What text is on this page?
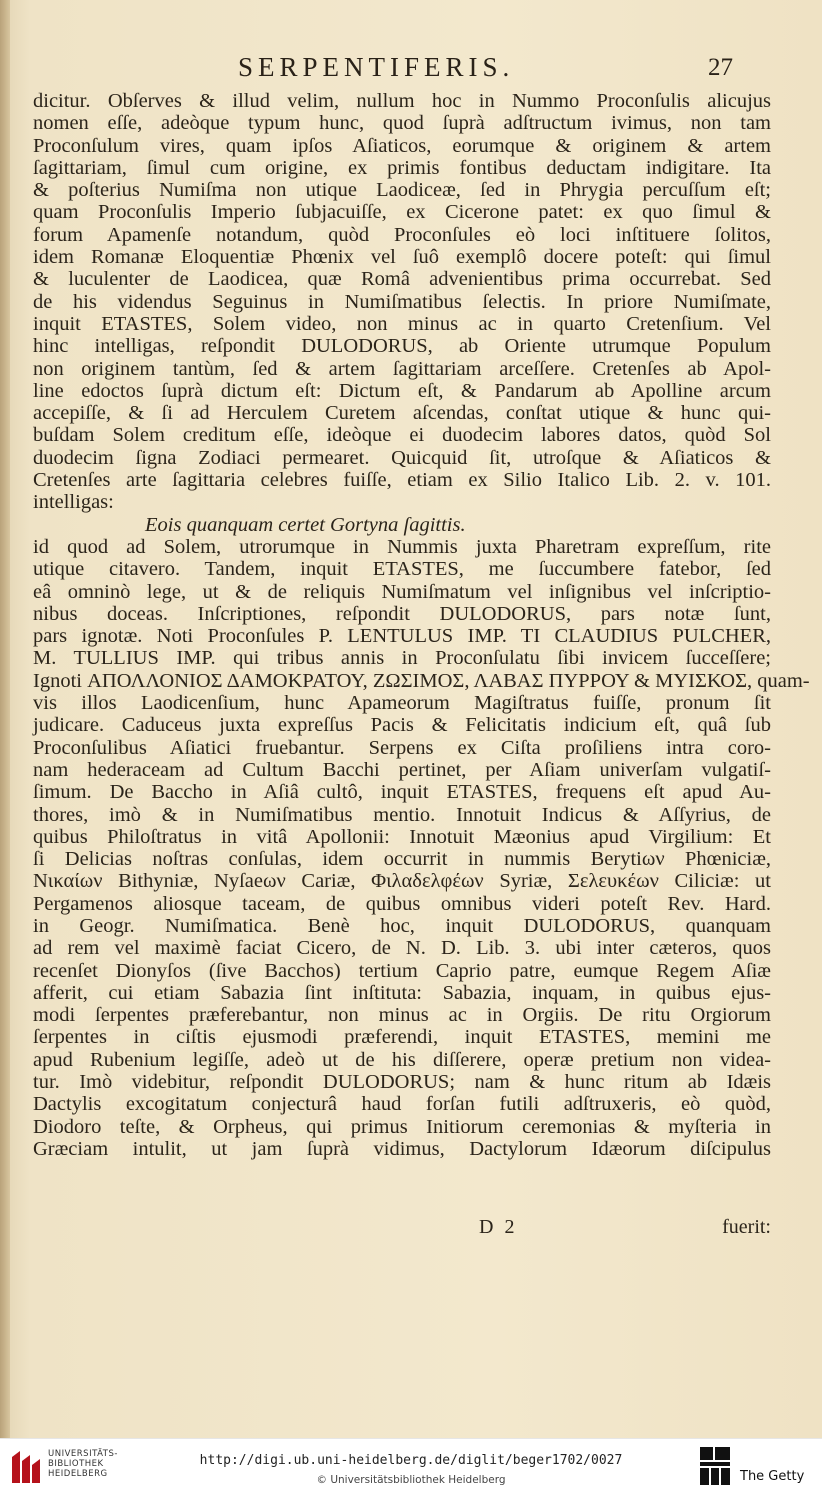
SERPENTIFERIS.	27
dicitur. Obſerves & illud velim, nullum hoc in Nummo Proconſulis alicujus
nomen eſſe, adeòque typum hunc, quod ſuprà adſtructum ivimus, non tam
Proconſulum vires, quam ipſos Aſiaticos, eorumque & originem & artem
ſagittariam, ſimul cum origine, ex primis fontibus deductam indigitare. Ita
& poſterius Numiſma non utique Laodiceæ, ſed in Phrygia percuſſum eſt;
quam Proconſulis Imperio ſubjacuiſſe, ex Cicerone patet: ex quo ſimul &
forum Apamenſe notandum, quòd Proconſules eò loci inſtituere ſolitos,
idem Romanæ Eloquentiæ Phœnix vel ſuô exemplô docere poteſt: qui ſimul
& luculenter de Laodicea, quæ Româ advenientibus prima occurrebat. Sed
de his videndus Seguinus in Numiſmatibus ſelectis. In priore Numiſmate,
inquit ETASTES, Solem video, non minus ac in quarto Cretenſium. Vel
hinc intelligas, reſpondit DULODORUS, ab Oriente utrumque Populum
non originem tantùm, ſed & artem ſagittariam arceſſere. Cretenſes ab Apol-
line edoctos ſuprà dictum eſt: Dictum eſt, & Pandarum ab Apolline arcum
accepiſſe, & ſi ad Herculem Curetem aſcendas, conſtat utique & hunc qui-
buſdam Solem creditum eſſe, ideòque ei duodecim labores datos, quòd Sol
duodecim ſigna Zodiaci permearet. Quicquid ſit, utroſque & Aſiaticos &
Cretenſes arte ſagittaria celebres fuiſſe, etiam ex Silio Italico Lib. 2. v. 101.
intelligas:
Eois quanquam certet Gortyna ſagittis.
id quod ad Solem, utrorumque in Nummis juxta Pharetram expreſſum, rite
utique citavero. Tandem, inquit ETASTES, me ſuccumbere fatebor, ſed
eâ omninò lege, ut & de reliquis Numiſmatum vel inſignibus vel inſcriptio-
nibus doceas. Inſcriptiones, reſpondit DULODORUS, pars notæ ſunt,
pars ignotæ. Noti Proconſules P. LENTULUS IMP. TI CLAUDIUS PULCHER,
M. TULLIUS IMP. qui tribus annis in Proconſulatu ſibi invicem ſucceſſere;
Ignoti ΑΠΟΛΛΟΝΙΟΣ ΔΑΜΟΚΡΑΤΟΥ, ΖΩΣΙΜΟΣ, ΛΑΒΑΣ ΠΥΡΡΟΥ & ΜΥΙΣΚΟΣ, quam-
vis illos Laodicenſium, hunc Apameorum Magiſtratus fuiſſe, pronum ſit
judicare. Caduceus juxta expreſſus Pacis & Felicitatis indicium eſt, quâ ſub
Proconſulibus Aſiatici fruebantur. Serpens ex Ciſta proſiliens intra coro-
nam hederaceam ad Cultum Bacchi pertinet, per Aſiam univerſam vulgatiſ-
ſimum. De Baccho in Aſiâ cultô, inquit ETASTES, frequens eſt apud Au-
thores, imò & in Numiſmatibus mentio. Innotuit Indicus & Aſſyrius, de
quibus Philoſtratus in vitâ Apollonii: Innotuit Mæonius apud Virgilium: Et
ſi Delicias noſtras conſulas, idem occurrit in nummis Berytiων Phœniciæ,
Νικαίων Bithyniæ, Nyſaeων Cariæ, Φιλαδελφέων Syriæ, Σελευκέων Ciliciæ: ut
Pergamenos aliosque taceam, de quibus omnibus videri poteſt Rev. Hard.
in Geogr. Numiſmatica. Benè hoc, inquit DULODORUS, quanquam
ad rem vel maximè faciat Cicero, de N. D. Lib. 3. ubi inter cæteros, quos
recenſet Dionyſos (ſive Bacchos) tertium Caprio patre, eumque Regem Aſiæ
afferit, cui etiam Sabazia ſint inſtituta: Sabazia, inquam, in quibus ejus-
modi ſerpentes præferebantur, non minus ac in Orgiis. De ritu Orgiorum
ſerpentes in ciſtis ejusmodi præferendi, inquit ETASTES, memini me
apud Rubenium legiſſe, adeò ut de his diſſerere, operæ pretium non videa-
tur. Imò videbitur, reſpondit DULODORUS; nam & hunc ritum ab Idæis
Dactylis excogitatum conjecturâ haud forſan futili adſtruxeris, eò quòd,
Diodoro teſte, & Orpheus, qui primus Initiorum ceremonias & myſteria in
Græciam intulit, ut jam ſuprà vidimus, Dactylorum Idæorum diſcipulus
D 2	fuerit:
UNIVERSITÄTS-
BIBLIOTHEK
HEIDELBERG
http://digi.ub.uni-heidelberg.de/diglit/beger1702/0027
© Universitätsbibliothek Heidelberg	The Getty
